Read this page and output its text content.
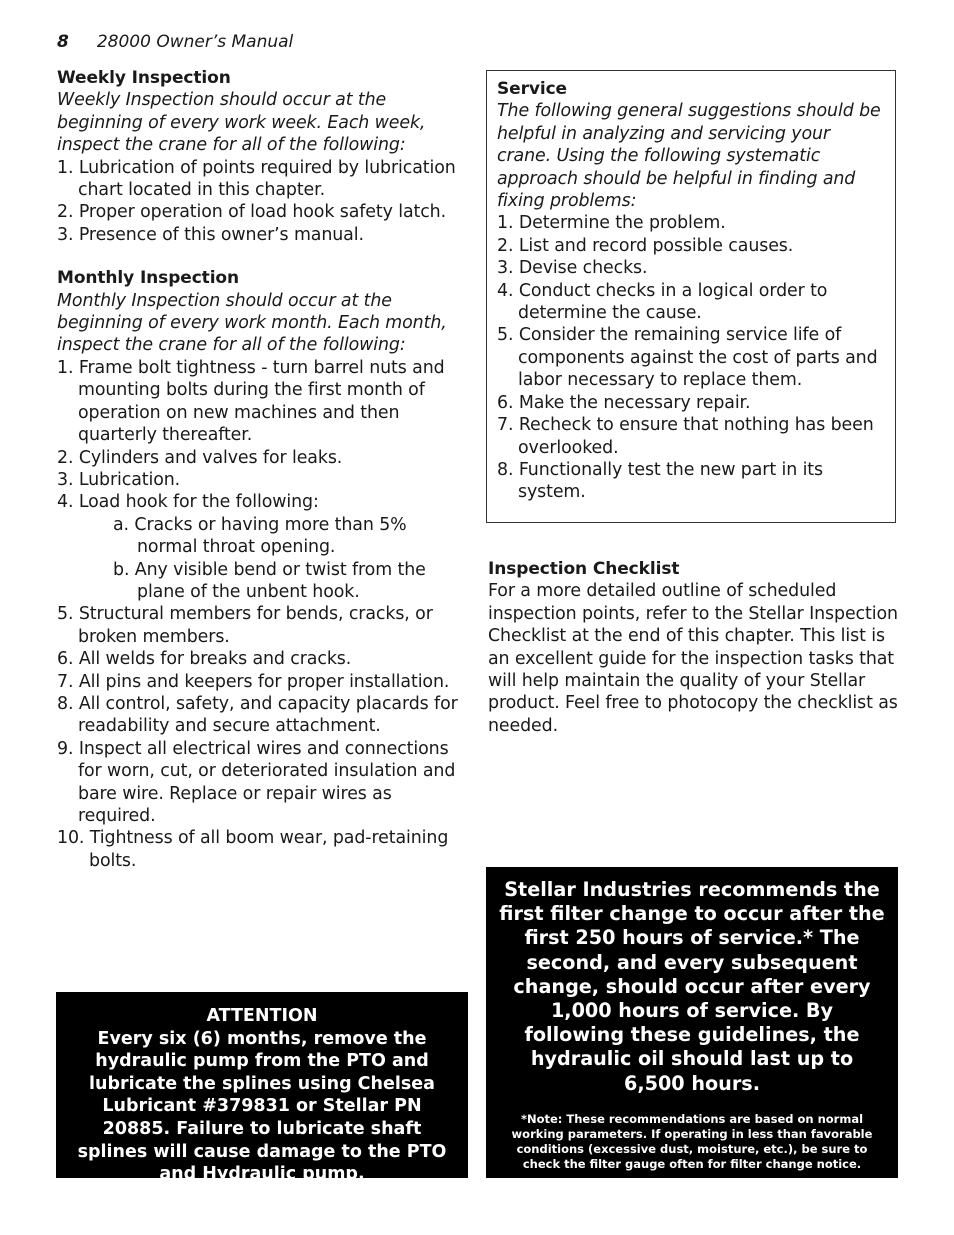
8 28000 Owner’s Manual
Weekly Inspection
Weekly Inspection should occur at the beginning of every work week. Each week, inspect the crane for all of the following:
1. Lubrication of points required by lubrication chart located in this chapter.
2. Proper operation of load hook safety latch.
3. Presence of this owner’s manual.
Monthly Inspection
Monthly Inspection should occur at the beginning of every work month. Each month, inspect the crane for all of the following:
1. Frame bolt tightness - turn barrel nuts and mounting bolts during the first month of operation on new machines and then quarterly thereafter.
2. Cylinders and valves for leaks.
3. Lubrication.
4. Load hook for the following:
a. Cracks or having more than 5% normal throat opening.
b. Any visible bend or twist from the plane of the unbent hook.
5. Structural members for bends, cracks, or broken members.
6. All welds for breaks and cracks.
7. All pins and keepers for proper installation.
8. All control, safety, and capacity placards for readability and secure attachment.
9. Inspect all electrical wires and connections for worn, cut, or deteriorated insulation and bare wire. Replace or repair wires as required.
10. Tightness of all boom wear, pad-retaining bolts.
Service
The following general suggestions should be helpful in analyzing and servicing your crane. Using the following systematic approach should be helpful in finding and fixing problems:
1. Determine the problem.
2. List and record possible causes.
3. Devise checks.
4. Conduct checks in a logical order to determine the cause.
5. Consider the remaining service life of components against the cost of parts and labor necessary to replace them.
6. Make the necessary repair.
7. Recheck to ensure that nothing has been overlooked.
8. Functionally test the new part in its system.
Inspection Checklist
For a more detailed outline of scheduled inspection points, refer to the Stellar Inspection Checklist at the end of this chapter. This list is an excellent guide for the inspection tasks that will help maintain the quality of your Stellar product. Feel free to photocopy the checklist as needed.
ATTENTION
Every six (6) months, remove the hydraulic pump from the PTO and lubricate the splines using Chelsea Lubricant #379831 or Stellar PN 20885. Failure to lubricate shaft splines will cause damage to the PTO and Hydraulic pump.
Stellar Industries recommends the first filter change to occur after the first 250 hours of service.* The second, and every subsequent change, should occur after every 1,000 hours of service. By following these guidelines, the hydraulic oil should last up to 6,500 hours.
*Note: These recommendations are based on normal working parameters. If operating in less than favorable conditions (excessive dust, moisture, etc.), be sure to check the filter gauge often for filter change notice.
